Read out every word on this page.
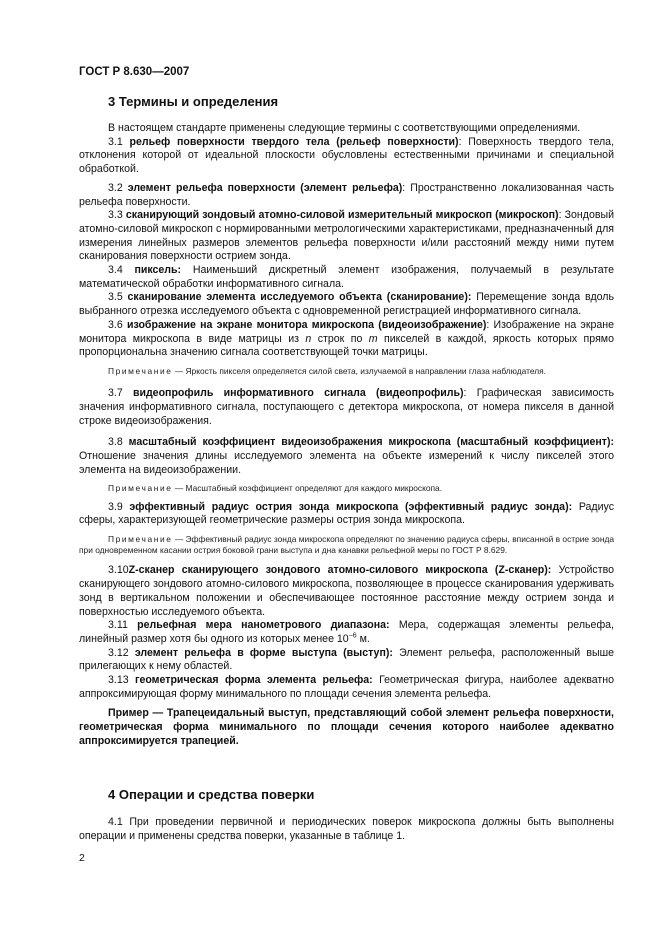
ГОСТ Р 8.630—2007
3 Термины и определения

В настоящем стандарте применены следующие термины с соответствующими определениями.

3.1 рельеф поверхности твердого тела (рельеф поверхности): Поверхность твердого тела, отклонения которой от идеальной плоскости обусловлены естественными причинами и специальной обработкой.

3.2 элемент рельефа поверхности (элемент рельефа): Пространственно локализованная часть рельефа поверхности.

3.3 сканирующий зондовый атомно-силовой измерительный микроскоп (микроскоп): Зондовый атомно-силовой микроскоп с нормированными метрологическими характеристиками, предназначенный для измерения линейных размеров элементов рельефа поверхности и/или расстояний между ними путем сканирования поверхности острием зонда.

3.4 пиксель: Наименьший дискретный элемент изображения, получаемый в результате математической обработки информативного сигнала.

3.5 сканирование элемента исследуемого объекта (сканирование): Перемещение зонда вдоль выбранного отрезка исследуемого объекта с одновременной регистрацией информативного сигнала.

3.6 изображение на экране монитора микроскопа (видеоизображение): Изображение на экране монитора микроскопа в виде матрицы из n строк по m пикселей в каждой, яркость которых прямо пропорциональна значению сигнала соответствующей точки матрицы.

Примечание — Яркость пикселя определяется силой света, излучаемой в направлении глаза наблюдателя.

3.7 видеопрофиль информативного сигнала (видеопрофиль): Графическая зависимость значения информативного сигнала, поступающего с детектора микроскопа, от номера пикселя в данной строке видеоизображения.

3.8 масштабный коэффициент видеоизображения микроскопа (масштабный коэффициент): Отношение значения длины исследуемого элемента на объекте измерений к числу пикселей этого элемента на видеоизображении.

Примечание — Масштабный коэффициент определяют для каждого микроскопа.

3.9 эффективный радиус острия зонда микроскопа (эффективный радиус зонда): Радиус сферы, характеризующей геометрические размеры острия зонда микроскопа.

Примечание — Эффективный радиус зонда микроскопа определяют по значению радиуса сферы, вписанной в острие зонда при одновременном касании острия боковой грани выступа и дна канавки рельефной меры по ГОСТ Р 8.629.

3.10Z-сканер сканирующего зондового атомно-силового микроскопа (Z-сканер): Устройство сканирующего зондового атомно-силового микроскопа, позволяющее в процессе сканирования удерживать зонд в вертикальном положении и обеспечивающее постоянное расстояние между острием зонда и поверхностью исследуемого объекта.

3.11 рельефная мера нанометрового диапазона: Мера, содержащая элементы рельефа, линейный размер хотя бы одного из которых менее $10^{-6}$ м.

3.12 элемент рельефа в форме выступа (выступ): Элемент рельефа, расположенный выше прилегающих к нему областей.

3.13 геометрическая форма элемента рельефа: Геометрическая фигура, наиболее адекватно аппроксимирующая форму минимального по площади сечения элемента рельефа.

Пример — Трапецеидальный выступ, представляющий собой элемент рельефа поверхности, геометрическая форма минимального по площади сечения которого наиболее адекватно аппроксимируется трапецией.

4 Операции и средства поверки

4.1 При проведении первичной и периодических поверок микроскопа должны быть выполнены операции и применены средства поверки, указанные в таблице 1.

2
